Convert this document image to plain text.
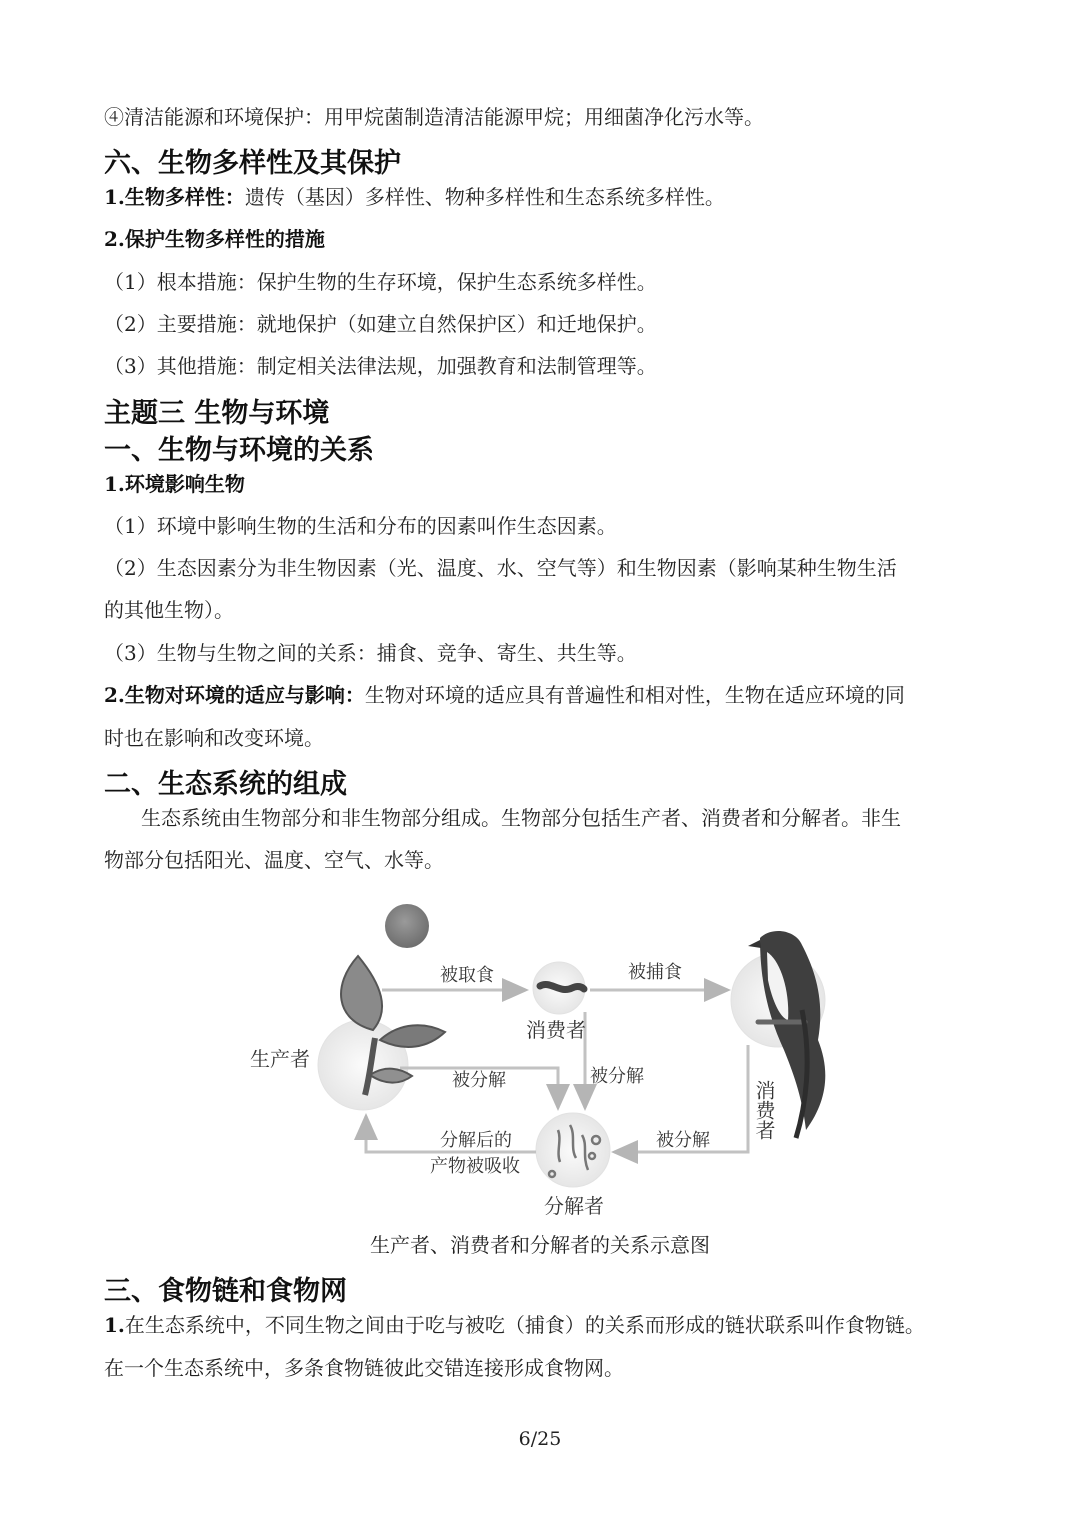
④清洁能源和环境保护：用甲烷菌制造清洁能源甲烷；用细菌净化污水等。
六、生物多样性及其保护
1.生物多样性：遗传（基因）多样性、物种多样性和生态系统多样性。
2.保护生物多样性的措施
（1）根本措施：保护生物的生存环境，保护生态系统多样性。
（2）主要措施：就地保护（如建立自然保护区）和迁地保护。
（3）其他措施：制定相关法律法规，加强教育和法制管理等。
主题三 生物与环境
一、生物与环境的关系
1.环境影响生物
（1）环境中影响生物的生活和分布的因素叫作生态因素。
（2）生态因素分为非生物因素（光、温度、水、空气等）和生物因素（影响某种生物生活
的其他生物）。
（3）生物与生物之间的关系：捕食、竞争、寄生、共生等。
2.生物对环境的适应与影响：生物对环境的适应具有普遍性和相对性，生物在适应环境的同
时也在影响和改变环境。
二、生态系统的组成
生态系统由生物部分和非生物部分组成。生物部分包括生产者、消费者和分解者。非生
物部分包括阳光、温度、空气、水等。
被取食	被捕食
生产者
消费者
被分解	被分解
被分解
分解后的
产物被吸收
分解者
消费者
生产者、消费者和分解者的关系示意图
三、食物链和食物网
1.在生态系统中，不同生物之间由于吃与被吃（捕食）的关系而形成的链状联系叫作食物链。
在一个生态系统中，多条食物链彼此交错连接形成食物网。
6/25
